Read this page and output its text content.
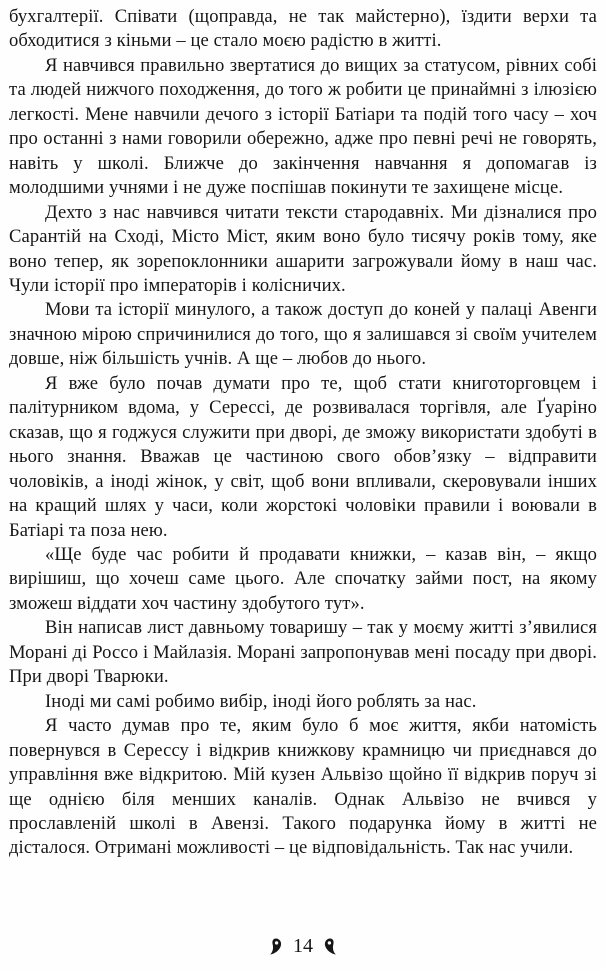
бухгалтерії. Співати (щоправда, не так майстерно), їздити верхи та обходитися з кіньми – це стало моєю радістю в житті.

Я навчився правильно звертатися до вищих за статусом, рівних собі та людей нижчого походження, до того ж робити це принаймні з ілюзією легкості. Мене навчили дечого з історії Батіари та подій того часу – хоч про останні з нами говорили обережно, адже про певні речі не говорять, навіть у школі. Ближче до закінчення навчання я допомагав із молодшими учнями і не дуже поспішав покинути те захищене місце.

Дехто з нас навчився читати тексти стародавніх. Ми дізналися про Сарантій на Сході, Місто Міст, яким воно було тисячу років тому, яке воно тепер, як зорепоклонники ашарити загрожували йому в наш час. Чули історії про імператорів і колісничих.

Мови та історії минулого, а також доступ до коней у палаці Авенги значною мірою спричинилися до того, що я залишався зі своїм учителем довше, ніж більшість учнів. А ще – любов до нього.

Я вже було почав думати про те, щоб стати книготорговцем і палітурником вдома, у Серессі, де розвивалася торгівля, але Ґуаріно сказав, що я годжуся служити при дворі, де зможу використати здобуті в нього знання. Вважав це частиною свого обов’язку – відправити чоловіків, а іноді жінок, у світ, щоб вони впливали, скеровували інших на кращий шлях у часи, коли жорстокі чоловіки правили і воювали в Батіарі та поза нею.

«Ще буде час робити й продавати книжки, – казав він, – якщо вирішиш, що хочеш саме цього. Але спочатку займи пост, на якому зможеш віддати хоч частину здобутого тут».

Він написав лист давньому товаришу – так у моєму житті з’явилися Морані ді Россо і Майлазія. Морані запропонував мені посаду при дворі. При дворі Тварюки.

Іноді ми самі робимо вибір, іноді його роблять за нас.

Я часто думав про те, яким було б моє життя, якби натомість повернувся в Серессу і відкрив книжкову крамницю чи приєднався до управління вже відкритою. Мій кузен Альвізо щойно її відкрив поруч зі ще однією біля менших каналів. Однак Альвізо не вчився у прославленій школі в Авензі. Такого подарунка йому в житті не дісталося. Отримані можливості – це відповідальність. Так нас учили.

14
